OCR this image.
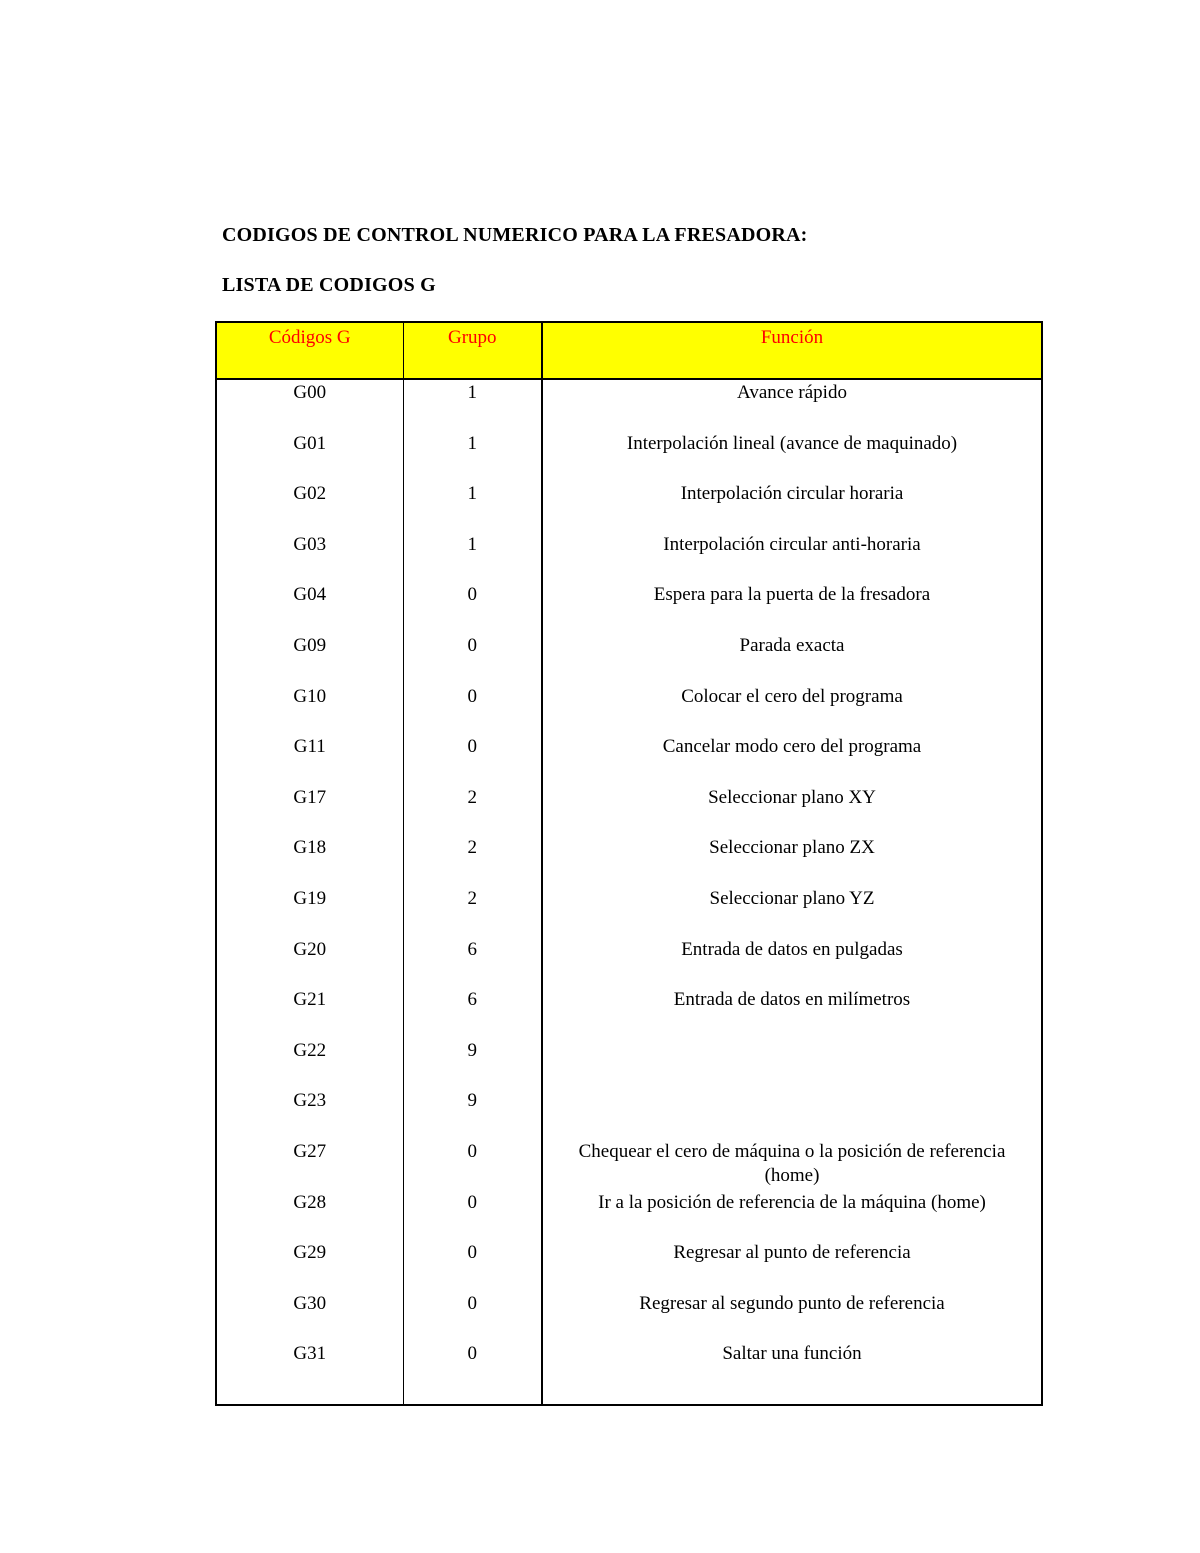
CODIGOS DE CONTROL NUMERICO PARA LA FRESADORA:
LISTA DE CODIGOS G
Códigos G	Grupo	Función
G00	1	Avance rápido

G01	1	Interpolación lineal (avance de maquinado)

G02	1	Interpolación circular horaria

G03	1	Interpolación circular anti-horaria

G04	0	Espera para la puerta de la fresadora

G09	0	Parada exacta

G10	0	Colocar el cero del programa

G11	0	Cancelar modo cero del programa

G17	2	Seleccionar plano XY

G18	2	Seleccionar plano ZX

G19	2	Seleccionar plano YZ

G20	6	Entrada de datos en pulgadas

G21	6	Entrada de datos en milímetros

G22	9	

G23	9	

G27	0	Chequear el cero de máquina o la posición de referencia (home)

G28	0	Ir a la posición de referencia de la máquina (home)

G29	0	Regresar al punto de referencia

G30	0	Regresar al segundo punto de referencia

G31	0	Saltar una función
